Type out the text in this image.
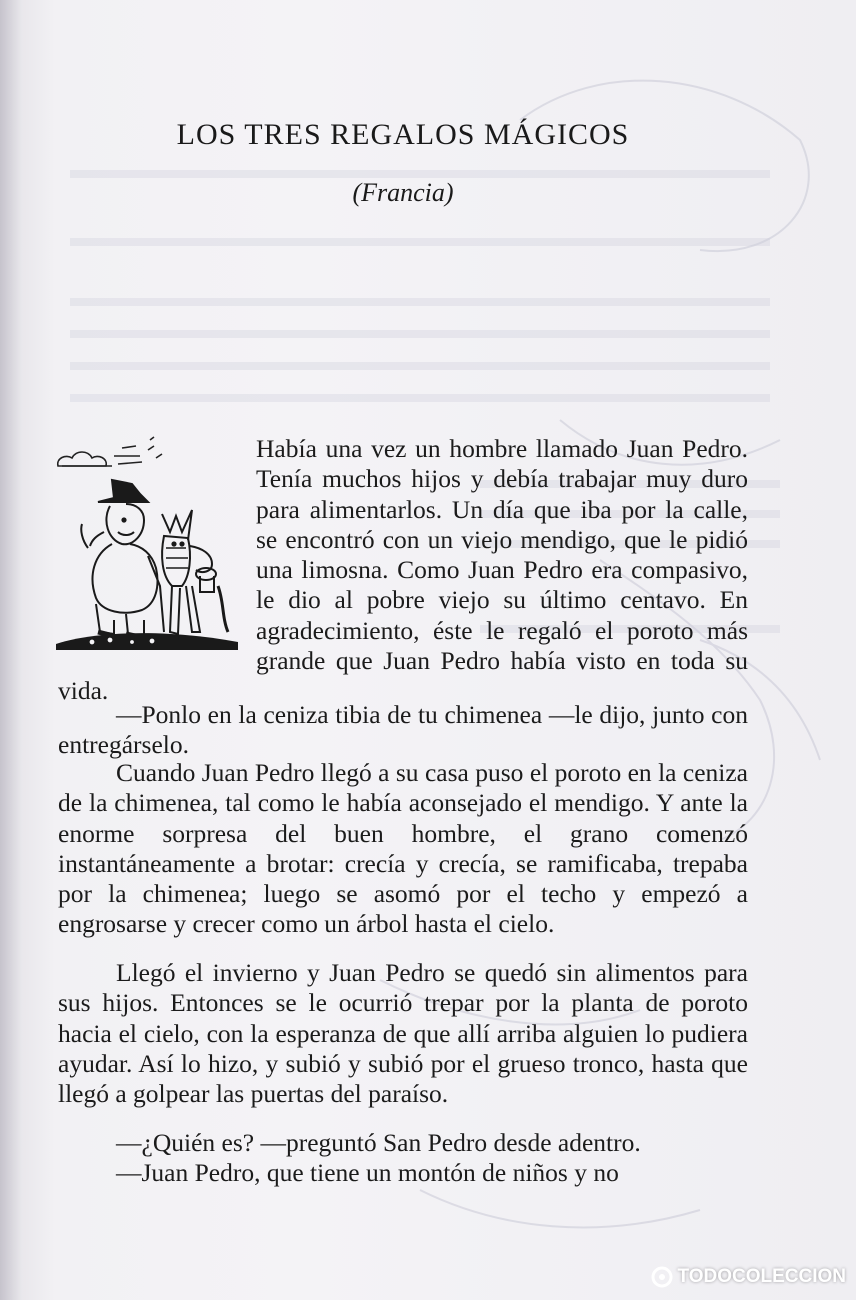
LOS TRES REGALOS MÁGICOS
(Francia)
Había una vez un hombre llamado Juan Pedro. Tenía muchos hijos y debía trabajar muy duro para alimentarlos. Un día que iba por la calle, se encontró con un viejo mendigo, que le pidió una limosna. Como Juan Pedro era compasivo, le dio al pobre viejo su último centavo. En agradecimiento, éste le regaló el poroto más grande que Juan Pedro había visto en toda su vida.

—Ponlo en la ceniza tibia de tu chimenea —le dijo, junto con entregárselo.

Cuando Juan Pedro llegó a su casa puso el poroto en la ceniza de la chimenea, tal como le había aconsejado el mendigo. Y ante la enorme sorpresa del buen hombre, el grano comenzó instantáneamente a brotar: crecía y crecía, se ramificaba, trepaba por la chimenea; luego se asomó por el techo y empezó a engrosarse y crecer como un árbol hasta el cielo.

Llegó el invierno y Juan Pedro se quedó sin alimentos para sus hijos. Entonces se le ocurrió trepar por la planta de poroto hacia el cielo, con la esperanza de que allí arriba alguien lo pudiera ayudar. Así lo hizo, y subió y subió por el grueso tronco, hasta que llegó a golpear las puertas del paraíso.

—¿Quién es? —preguntó San Pedro desde adentro.

—Juan Pedro, que tiene un montón de niños y no

TODOCOLECCION
